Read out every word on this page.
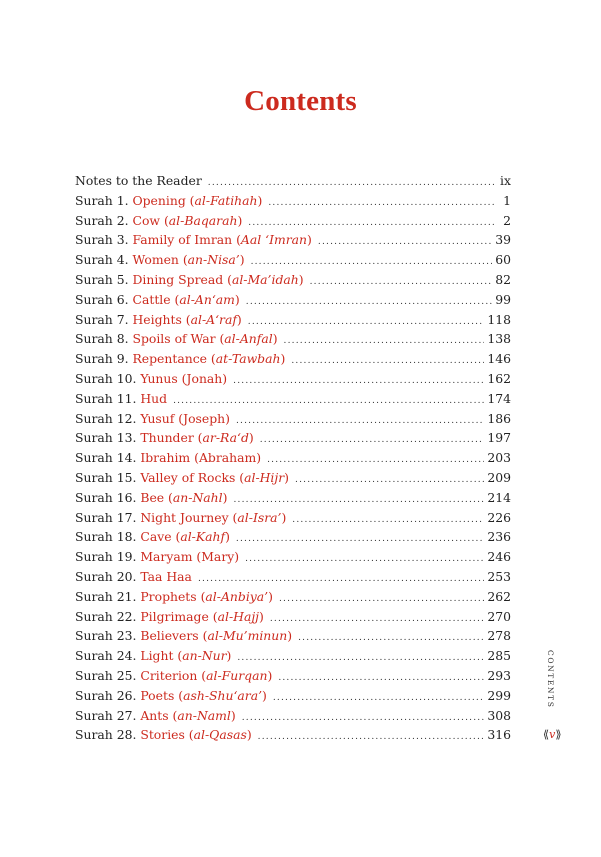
Contents
Notes to the Reader .....	ix
Surah 1. Opening (al-Fatihah) .....	1
Surah 2. Cow (al-Baqarah) .....	2
Surah 3. Family of Imran (Aal ‘Imran) .....	39
Surah 4. Women (an-Nisa’) .....	60
Surah 5. Dining Spread (al-Ma’idah) .....	82
Surah 6. Cattle (al-An‘am) .....	99
Surah 7. Heights (al-A‘raf) .....	118
Surah 8. Spoils of War (al-Anfal) .....	138
Surah 9. Repentance (at-Tawbah) .....	146
Surah 10. Yunus (Jonah) .....	162
Surah 11. Hud .....	174
Surah 12. Yusuf (Joseph) .....	186
Surah 13. Thunder (ar-Ra‘d) .....	197
Surah 14. Ibrahim (Abraham) .....	203
Surah 15. Valley of Rocks (al-Hijr) .....	209
Surah 16. Bee (an-Nahl) .....	214
Surah 17. Night Journey (al-Isra’) .....	226
Surah 18. Cave (al-Kahf) .....	236
Surah 19. Maryam (Mary) .....	246
Surah 20. Taa Haa .....	253
Surah 21. Prophets (al-Anbiya’) .....	262
Surah 22. Pilgrimage (al-Hajj) .....	270
Surah 23. Believers (al-Mu’minun) .....	278
Surah 24. Light (an-Nur) .....	285
Surah 25. Criterion (al-Furqan) .....	293
Surah 26. Poets (ash-Shu‘ara’) .....	299
Surah 27. Ants (an-Naml) .....	308
Surah 28. Stories (al-Qasas) .....	316
CONTENTS
⟪v⟫
